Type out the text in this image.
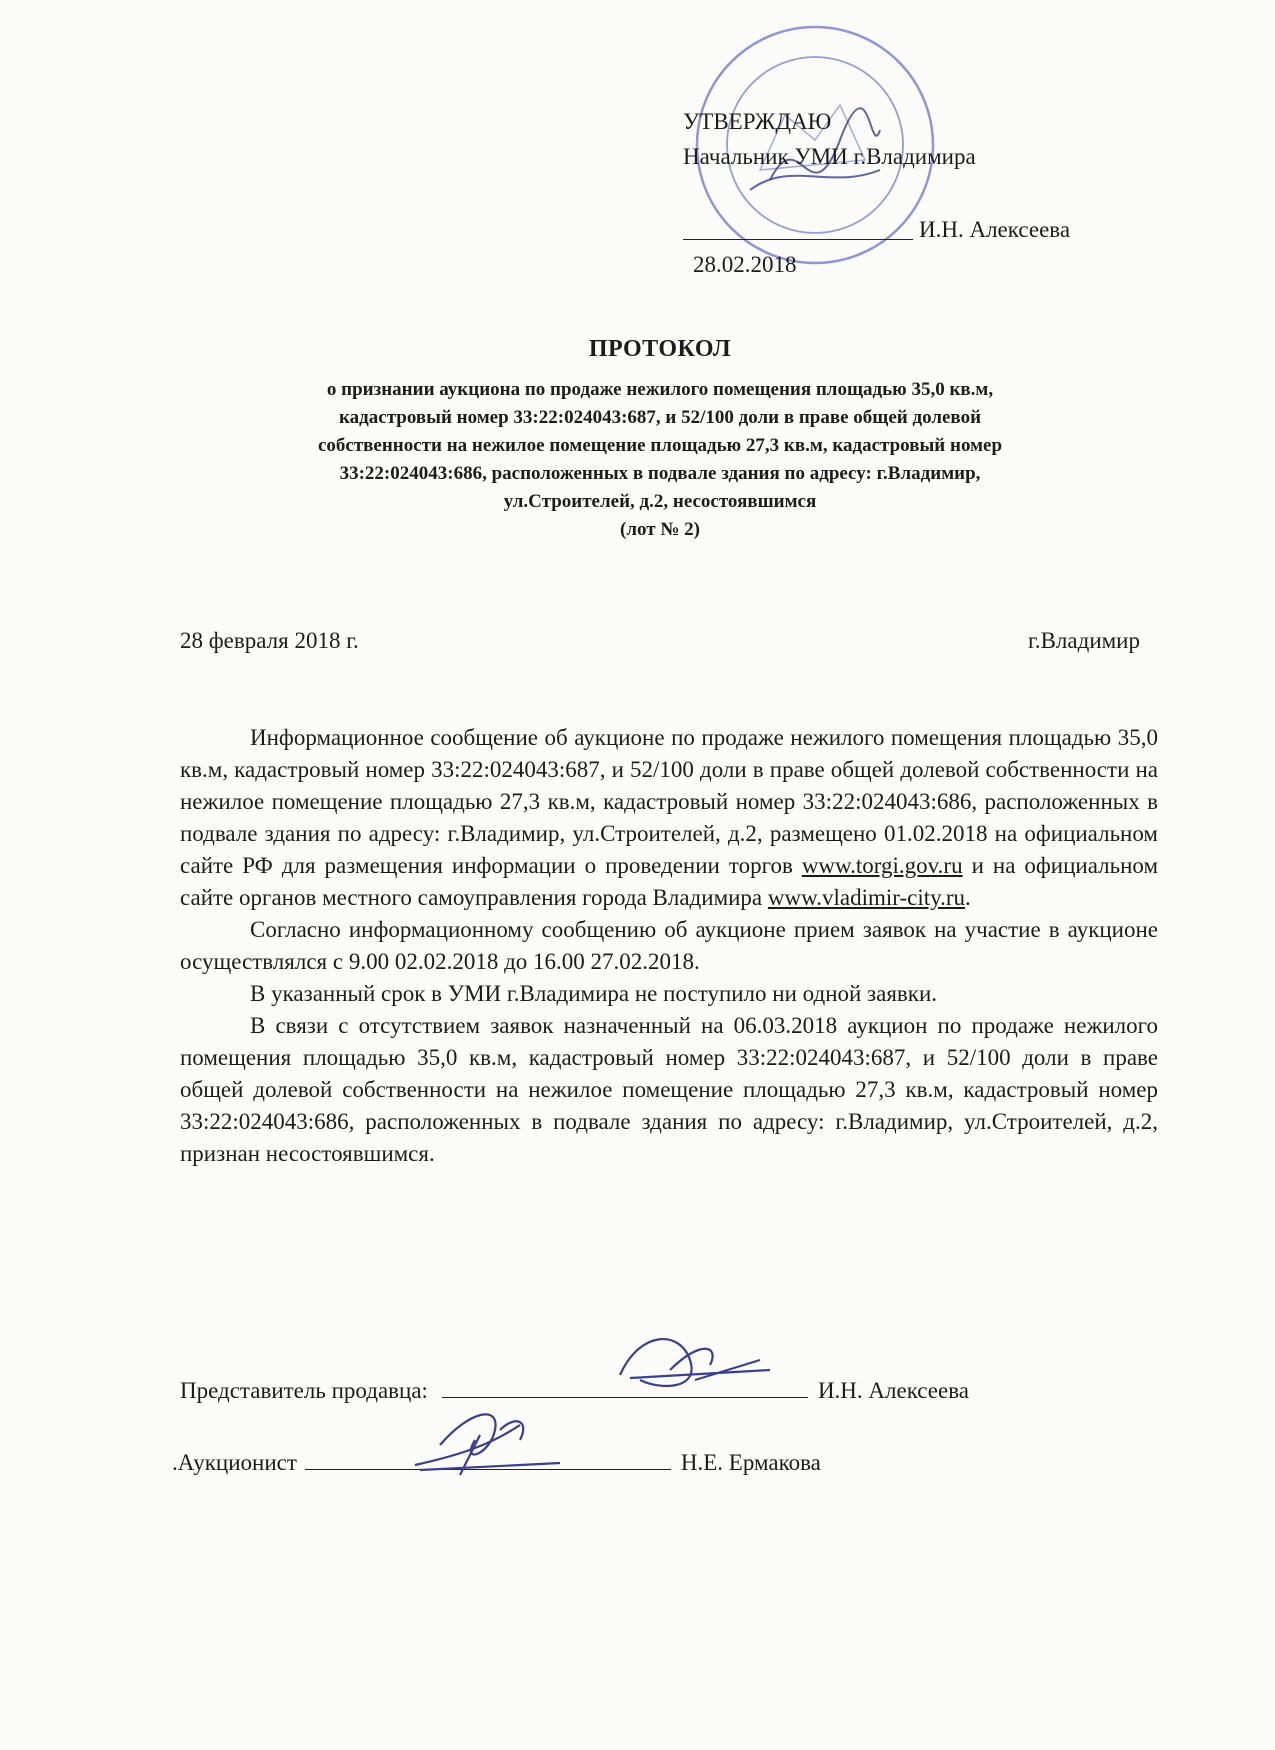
УТВЕРЖДАЮ
Начальник УМИ г.Владимира
И.Н. Алексеева
28.02.2018
ПРОТОКОЛ
о признании аукциона по продаже нежилого помещения площадью 35,0 кв.м,
кадастровый номер 33:22:024043:687, и 52/100 доли в праве общей долевой
собственности на нежилое помещение площадью 27,3 кв.м, кадастровый номер
33:22:024043:686, расположенных в подвале здания по адресу: г.Владимир,
ул.Строителей, д.2, несостоявшимся
(лот № 2)
28 февраля 2018 г.	г.Владимир

Информационное сообщение об аукционе по продаже нежилого помещения площадью 35,0 кв.м, кадастровый номер 33:22:024043:687, и 52/100 доли в праве общей долевой собственности на нежилое помещение площадью 27,3 кв.м, кадастровый номер 33:22:024043:686, расположенных в подвале здания по адресу: г.Владимир, ул.Строителей, д.2, размещено 01.02.2018 на официальном сайте РФ для размещения информации о проведении торгов www.torgi.gov.ru и на официальном сайте органов местного самоуправления города Владимира www.vladimir-city.ru.

Согласно информационному сообщению об аукционе прием заявок на участие в аукционе осуществлялся с 9.00 02.02.2018 до 16.00 27.02.2018.

В указанный срок в УМИ г.Владимира не поступило ни одной заявки.

В связи с отсутствием заявок назначенный на 06.03.2018 аукцион по продаже нежилого помещения площадью 35,0 кв.м, кадастровый номер 33:22:024043:687, и 52/100 доли в праве общей долевой собственности на нежилое помещение площадью 27,3 кв.м, кадастровый номер 33:22:024043:686, расположенных в подвале здания по адресу: г.Владимир, ул.Строителей, д.2, признан несостоявшимся.

Представитель продавца:	И.Н. Алексеева
.Аукционист	Н.Е. Ермакова
